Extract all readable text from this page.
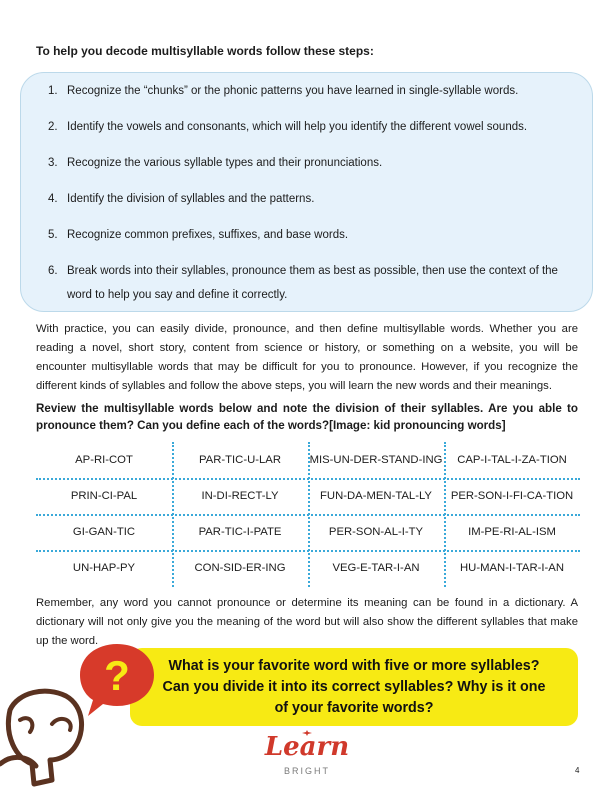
To help you decode multisyllable words follow these steps:
1. Recognize the “chunks” or the phonic patterns you have learned in single-syllable words.
2. Identify the vowels and consonants, which will help you identify the different vowel sounds.
3. Recognize the various syllable types and their pronunciations.
4. Identify the division of syllables and the patterns.
5. Recognize common prefixes, suffixes, and base words.
6. Break words into their syllables, pronounce them as best as possible, then use the context of the word to help you say and define it correctly.
With practice, you can easily divide, pronounce, and then define multisyllable words. Whether you are reading a novel, short story, content from science or history, or something on a website, you will be encounter multisyllable words that may be difficult for you to pronounce. However, if you recognize the different kinds of syllables and follow the above steps, you will learn the new words and their meanings.
Review the multisyllable words below and note the division of their syllables. Are you able to pronounce them? Can you define each of the words?[Image: kid pronouncing words]
AP-RI-COT	PAR-TIC-U-LAR	MIS-UN-DER-STAND-ING	CAP-I-TAL-I-ZA-TION
PRIN-CI-PAL	IN-DI-RECT-LY	FUN-DA-MEN-TAL-LY	PER-SON-I-FI-CA-TION
GI-GAN-TIC	PAR-TIC-I-PATE	PER-SON-AL-I-TY	IM-PE-RI-AL-ISM
UN-HAP-PY	CON-SID-ER-ING	VEG-E-TAR-I-AN	HU-MAN-I-TAR-I-AN
Remember, any word you cannot pronounce or determine its meaning can be found in a dictionary. A dictionary will not only give you the meaning of the word but will also show the different syllables that make up the word.
What is your favorite word with five or more syllables?
Can you divide it into its correct syllables? Why is it one
of your favorite words?
?
Learn
BRIGHT	4
